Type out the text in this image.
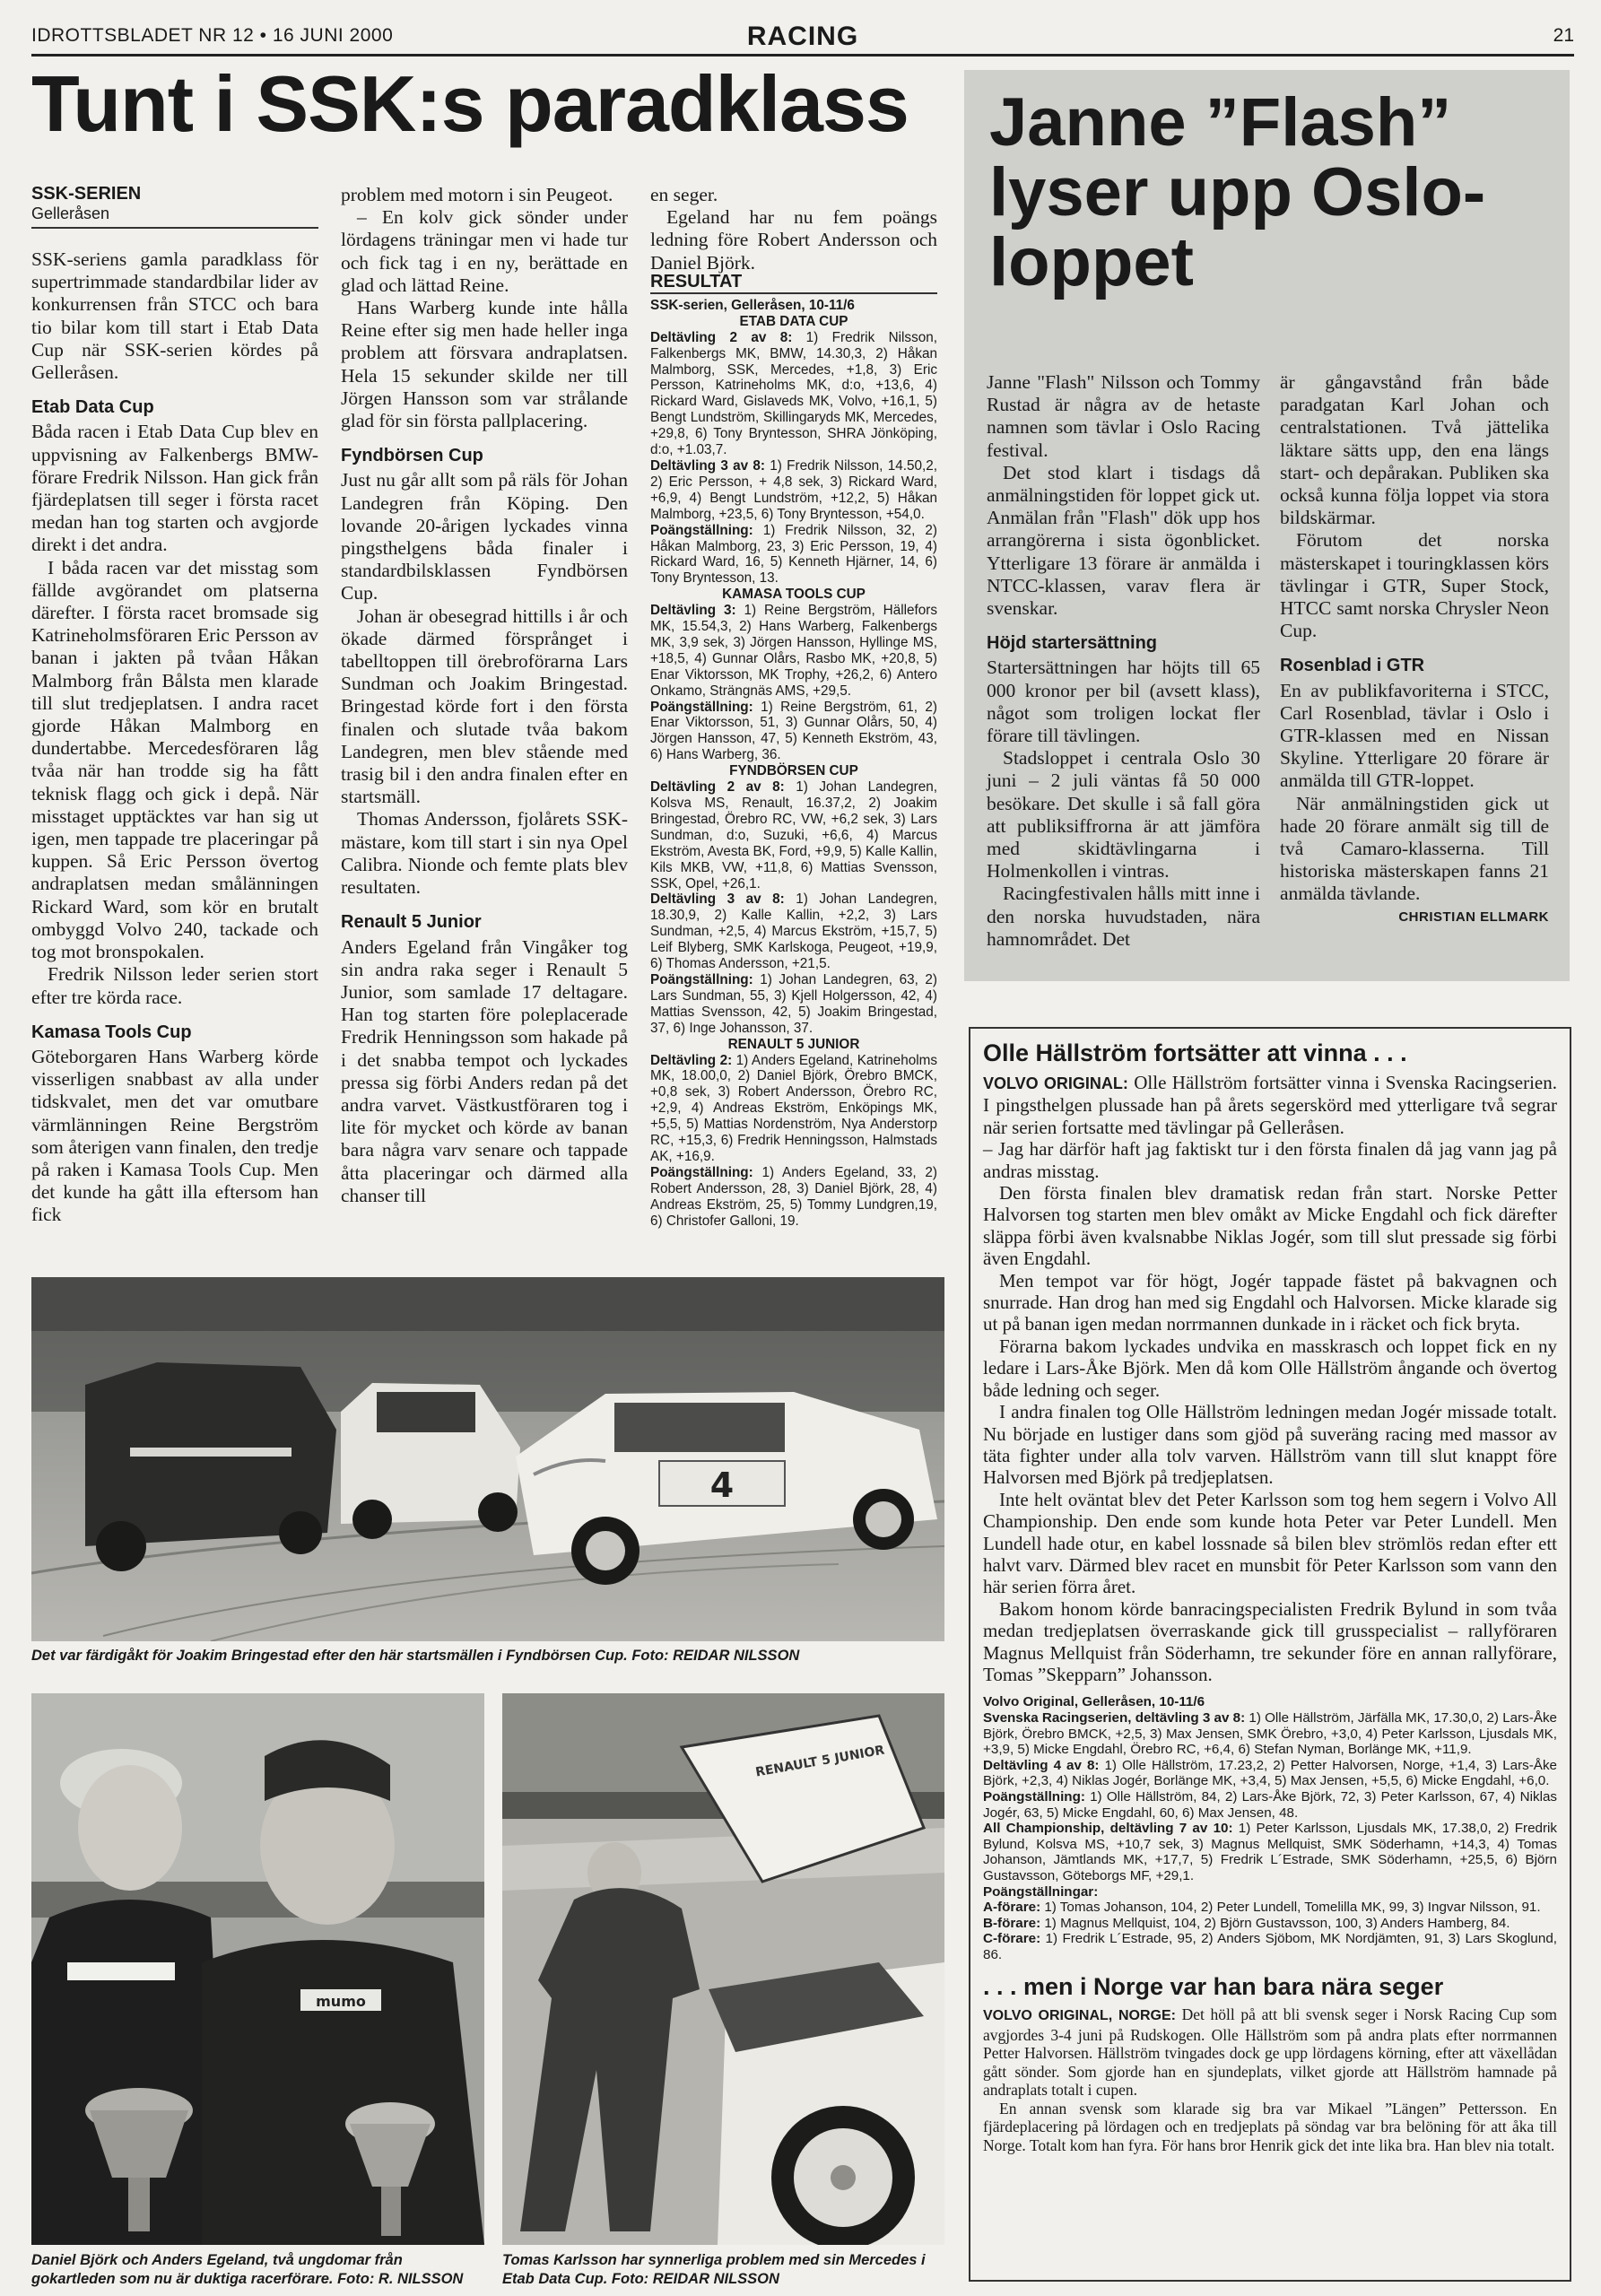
IDROTTSBLADET NR 12 • 16 JUNI 2000	RACING	21
Tunt i SSK:s paradklass
SSK-SERIEN
Gelleråsen

SSK-seriens gamla paradklass för supertrimmade standardbilar lider av konkurrensen från STCC och bara tio bilar kom till start i Etab Data Cup när SSK-serien kördes på Gelleråsen.

Etab Data Cup

Båda racen i Etab Data Cup blev en uppvisning av Falkenbergs BMW-förare Fredrik Nilsson. Han gick från fjärdeplatsen till seger i första racet medan han tog starten och avgjorde direkt i det andra.

I båda racen var det misstag som fällde avgörandet om platserna därefter. I första racet bromsade sig Katrineholmsföraren Eric Persson av banan i jakten på tvåan Håkan Malmborg från Bålsta men klarade till slut tredjeplatsen. I andra racet gjorde Håkan Malmborg en dundertabbe. Mercedesföraren låg tvåa när han trodde sig ha fått teknisk flagg och gick i depå. När misstaget upptäcktes var han sig ut igen, men tappade tre placeringar på kuppen. Så Eric Persson övertog andraplatsen medan smålänningen Rickard Ward, som kör en brutalt ombyggd Volvo 240, tackade och tog mot bronspokalen.

Fredrik Nilsson leder serien stort efter tre körda race.

Kamasa Tools Cup

Göteborgaren Hans Warberg körde visserligen snabbast av alla under tidskvalet, men det var omutbare värmlänningen Reine Bergström som återigen vann finalen, den tredje på raken i Kamasa Tools Cup. Men det kunde ha gått illa eftersom han fick

problem med motorn i sin Peugeot.

– En kolv gick sönder under lördagens träningar men vi hade tur och fick tag i en ny, berättade en glad och lättad Reine.

Hans Warberg kunde inte hålla Reine efter sig men hade heller inga problem att försvara andraplatsen. Hela 15 sekunder skilde ner till Jörgen Hansson som var strålande glad för sin första pallplacering.

Fyndbörsen Cup

Just nu går allt som på räls för Johan Landegren från Köping. Den lovande 20-årigen lyckades vinna pingsthelgens båda finaler i standardbilsklassen Fyndbörsen Cup.

Johan är obesegrad hittills i år och ökade därmed försprånget i tabelltoppen till örebroförarna Lars Sundman och Joakim Bringestad. Bringestad körde fort i den första finalen och slutade tvåa bakom Landegren, men blev stående med trasig bil i den andra finalen efter en startsmäll.

Thomas Andersson, fjolårets SSK-mästare, kom till start i sin nya Opel Calibra. Nionde och femte plats blev resultaten.

Renault 5 Junior

Anders Egeland från Vingåker tog sin andra raka seger i Renault 5 Junior, som samlade 17 deltagare. Han tog starten före poleplacerade Fredrik Henningsson som hakade på i det snabba tempot och lyckades pressa sig förbi Anders redan på det andra varvet. Västkustföraren tog i lite för mycket och körde av banan bara några varv senare och tappade åtta placeringar och därmed alla chanser till

en seger.

Egeland har nu fem poängs ledning före Robert Andersson och Daniel Björk.

RESULTAT

SSK-serien, Gelleråsen, 10-11/6

ETAB DATA CUP

Deltävling 2 av 8: 1) Fredrik Nilsson, Falkenbergs MK, BMW, 14.30,3, 2) Håkan Malmborg, SSK, Mercedes, +1,8, 3) Eric Persson, Katrineholms MK, d:o, +13,6, 4) Rickard Ward, Gislaveds MK, Volvo, +16,1, 5) Bengt Lundström, Skillingaryds MK, Mercedes, +29,8, 6) Tony Bryntesson, SHRA Jönköping, d:o, +1.03,7.

Deltävling 3 av 8: 1) Fredrik Nilsson, 14.50,2, 2) Eric Persson, + 4,8 sek, 3) Rickard Ward, +6,9, 4) Bengt Lundström, +12,2, 5) Håkan Malmborg, +23,5, 6) Tony Bryntesson, +54,0.

Poängställning: 1) Fredrik Nilsson, 32, 2) Håkan Malmborg, 23, 3) Eric Persson, 19, 4) Rickard Ward, 16, 5) Kenneth Hjärner, 14, 6) Tony Bryntesson, 13.

KAMASA TOOLS CUP

Deltävling 3: 1) Reine Bergström, Hällefors MK, 15.54,3, 2) Hans Warberg, Falkenbergs MK, 3,9 sek, 3) Jörgen Hansson, Hyllinge MS, +18,5, 4) Gunnar Olårs, Rasbo MK, +20,8, 5) Enar Viktorsson, MK Trophy, +26,2, 6) Antero Onkamo, Strängnäs AMS, +29,5.

Poängställning: 1) Reine Bergström, 61, 2) Enar Viktorsson, 51, 3) Gunnar Olårs, 50, 4) Jörgen Hansson, 47, 5) Kenneth Ekström, 43, 6) Hans Warberg, 36.

FYNDBÖRSEN CUP

Deltävling 2 av 8: 1) Johan Landegren, Kolsva MS, Renault, 16.37,2, 2) Joakim Bringestad, Örebro RC, VW, +6,2 sek, 3) Lars Sundman, d:o, Suzuki, +6,6, 4) Marcus Ekström, Avesta BK, Ford, +9,9, 5) Kalle Kallin, Kils MKB, VW, +11,8, 6) Mattias Svensson, SSK, Opel, +26,1.

Deltävling 3 av 8: 1) Johan Landegren, 18.30,9, 2) Kalle Kallin, +2,2, 3) Lars Sundman, +2,5, 4) Marcus Ekström, +15,7, 5) Leif Blyberg, SMK Karlskoga, Peugeot, +19,9, 6) Thomas Andersson, +21,5.

Poängställning: 1) Johan Landegren, 63, 2) Lars Sundman, 55, 3) Kjell Holgersson, 42, 4) Mattias Svensson, 42, 5) Joakim Bringestad, 37, 6) Inge Johansson, 37.

RENAULT 5 JUNIOR

Deltävling 2: 1) Anders Egeland, Katrineholms MK, 18.00,0, 2) Daniel Björk, Örebro BMCK, +0,8 sek, 3) Robert Andersson, Örebro RC, +2,9, 4) Andreas Ekström, Enköpings MK, +5,5, 5) Mattias Nordenström, Nya Anderstorp RC, +15,3, 6) Fredrik Henningsson, Halmstads AK, +16,9.

Poängställning: 1) Anders Egeland, 33, 2) Robert Andersson, 28, 3) Daniel Björk, 28, 4) Andreas Ekström, 25, 5) Tommy Lundgren,19, 6) Christofer Galloni, 19.

Janne ”Flash” lyser upp Oslo-loppet

Janne "Flash" Nilsson och Tommy Rustad är några av de hetaste namnen som tävlar i Oslo Racing festival.

Det stod klart i tisdags då anmälningstiden för loppet gick ut. Anmälan från "Flash" dök upp hos arrangörerna i sista ögonblicket. Ytterligare 13 förare är anmälda i NTCC-klassen, varav flera är svenskar.

Höjd startersättning

Startersättningen har höjts till 65 000 kronor per bil (avsett klass), något som troligen lockat fler förare till tävlingen.

Stadsloppet i centrala Oslo 30 juni – 2 juli väntas få 50 000 besökare. Det skulle i så fall göra att publiksiffrorna är att jämföra med skidtävlingarna i Holmenkollen i vintras.

Racingfestivalen hålls mitt inne i den norska huvudstaden, nära hamnområdet. Det

är gångavstånd från både paradgatan Karl Johan och centralstationen. Två jättelika läktare sätts upp, den ena längs start- och depårakan. Publiken ska också kunna följa loppet via stora bildskärmar.

Förutom det norska mästerskapet i touringklassen körs tävlingar i GTR, Super Stock, HTCC samt norska Chrysler Neon Cup.

Rosenblad i GTR

En av publikfavoriterna i STCC, Carl Rosenblad, tävlar i Oslo i GTR-klassen med en Nissan Skyline. Ytterligare 20 förare är anmälda till GTR-loppet.

När anmälningstiden gick ut hade 20 förare anmält sig till de två Camaro-klasserna. Till historiska mästerskapen fanns 21 anmälda tävlande.

CHRISTIAN ELLMARK
Olle Hällström fortsätter att vinna . . .

VOLVO ORIGINAL: Olle Hällström fortsätter vinna i Svenska Racingserien. I pingsthelgen plussade han på årets segerskörd med ytterligare två segrar när serien fortsatte med tävlingar på Gelleråsen.

– Jag har därför haft jag faktiskt tur i den första finalen då jag vann jag på andras misstag.

Den första finalen blev dramatisk redan från start. Norske Petter Halvorsen tog starten men blev omåkt av Micke Engdahl och fick därefter släppa förbi även kvalsnabbe Niklas Jogér, som till slut pressade sig förbi även Engdahl.

Men tempot var för högt, Jogér tappade fästet på bakvagnen och snurrade. Han drog han med sig Engdahl och Halvorsen. Micke klarade sig ut på banan igen medan norrmannen dunkade in i räcket och fick bryta.

Förarna bakom lyckades undvika en masskrasch och loppet fick en ny ledare i Lars-Åke Björk. Men då kom Olle Hällström ångande och övertog både ledning och seger.

I andra finalen tog Olle Hällström ledningen medan Jogér missade totalt. Nu började en lustiger dans som gjöd på suveräng racing med massor av täta fighter under alla tolv varven. Hällström vann till slut knappt före Halvorsen med Björk på tredjeplatsen.

Inte helt oväntat blev det Peter Karlsson som tog hem segern i Volvo All Championship. Den ende som kunde hota Peter var Peter Lundell. Men Lundell hade otur, en kabel lossnade så bilen blev strömlös redan efter ett halvt varv. Därmed blev racet en munsbit för Peter Karlsson som vann den här serien förra året.

Bakom honom körde banracingspecialisten Fredrik Bylund in som tvåa medan tredjeplatsen överraskande gick till grusspecialist – rallyföraren Magnus Mellquist från Söderhamn, tre sekunder före en annan rallyförare, Tomas ”Skepparn” Johansson.

Volvo Original, Gelleråsen, 10-11/6

Svenska Racingserien, deltävling 3 av 8: 1) Olle Hällström, Järfälla MK, 17.30,0, 2) Lars-Åke Björk, Örebro BMCK, +2,5, 3) Max Jensen, SMK Örebro, +3,0, 4) Peter Karlsson, Ljusdals MK, +3,9, 5) Micke Engdahl, Örebro RC, +6,4, 6) Stefan Nyman, Borlänge MK, +11,9.

Deltävling 4 av 8: 1) Olle Hällström, 17.23,2, 2) Petter Halvorsen, Norge, +1,4, 3) Lars-Åke Björk, +2,3, 4) Niklas Jogér, Borlänge MK, +3,4, 5) Max Jensen, +5,5, 6) Micke Engdahl, +6,0.

Poängställning: 1) Olle Hällström, 84, 2) Lars-Åke Björk, 72, 3) Peter Karlsson, 67, 4) Niklas Jogér, 63, 5) Micke Engdahl, 60, 6) Max Jensen, 48.

All Championship, deltävling 7 av 10: 1) Peter Karlsson, Ljusdals MK, 17.38,0, 2) Fredrik Bylund, Kolsva MS, +10,7 sek, 3) Magnus Mellquist, SMK Söderhamn, +14,3, 4) Tomas Johanson, Jämtlands MK, +17,7, 5) Fredrik L´Estrade, SMK Söderhamn, +25,5, 6) Björn Gustavsson, Göteborgs MF, +29,1.

Poängställningar:

A-förare: 1) Tomas Johanson, 104, 2) Peter Lundell, Tomelilla MK, 99, 3) Ingvar Nilsson, 91.

B-förare: 1) Magnus Mellquist, 104, 2) Björn Gustavsson, 100, 3) Anders Hamberg, 84.

C-förare: 1) Fredrik L´Estrade, 95, 2) Anders Sjöbom, MK Nordjämten, 91, 3) Lars Skoglund, 86.

. . . men i Norge var han bara nära seger

VOLVO ORIGINAL, NORGE: Det höll på att bli svensk seger i Norsk Racing Cup som avgjordes 3-4 juni på Rudskogen. Olle Hällström som på andra plats efter norrmannen Petter Halvorsen. Hällström tvingades dock ge upp lördagens körning, efter att växellådan gått sönder. Som gjorde han en sjundeplats, vilket gjorde att Hällström hamnade på andraplats totalt i cupen.

En annan svensk som klarade sig bra var Mikael ”Längen” Pettersson. En fjärdeplacering på lördagen och en tredjeplats på söndag var bra belöning för att åka till Norge. Totalt kom han fyra. För hans bror Henrik gick det inte lika bra. Han blev nia totalt.

4
Det var färdigåkt för Joakim Bringestad efter den här startsmällen i Fyndbörsen Cup. Foto: REIDAR NILSSON
mumo
Daniel Björk och Anders Egeland, två ungdomar från gokartleden som nu är duktiga racerförare. Foto: R. NILSSON
RENAULT 5 JUNIOR
Tomas Karlsson har synnerliga problem med sin Mercedes i Etab Data Cup. Foto: REIDAR NILSSON
